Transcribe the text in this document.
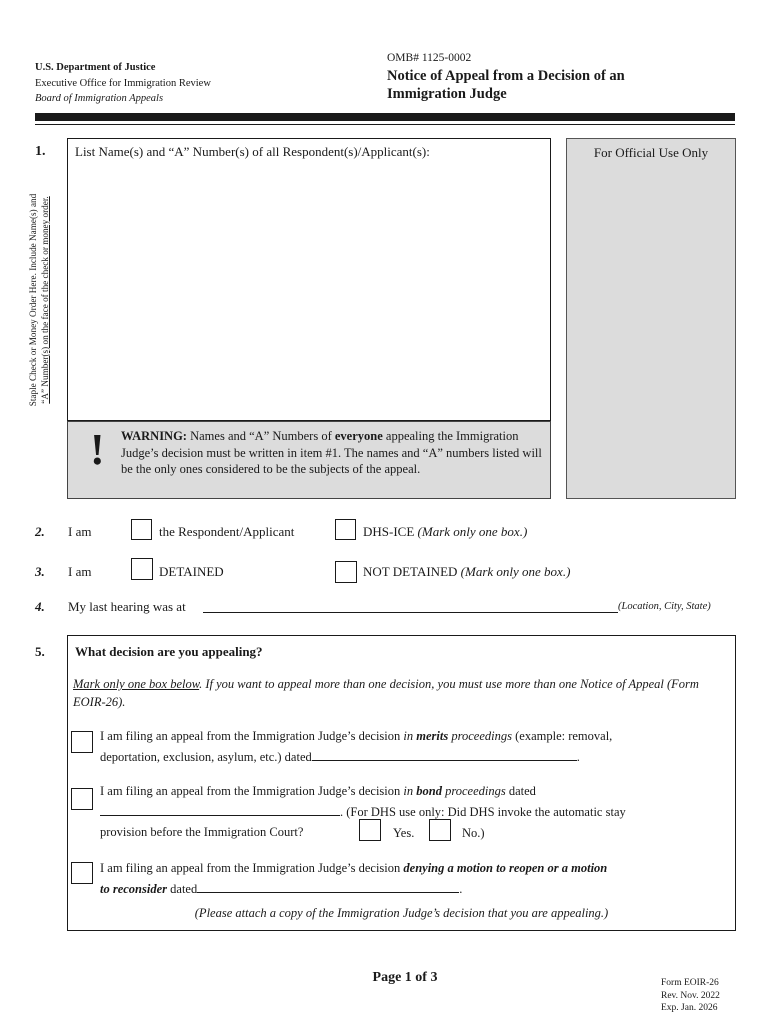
U.S. Department of Justice
Executive Office for Immigration Review
Board of Immigration Appeals
OMB# 1125-0002
Notice of Appeal from a Decision of an Immigration Judge
Staple Check or Money Order Here. Include Name(s) and “A” Number(s) on the face of the check or money order.
1. List Name(s) and “A” Number(s) of all Respondent(s)/Applicant(s):	For Official Use Only
! WARNING: Names and “A” Numbers of everyone appealing the Immigration Judge’s decision must be written in item #1. The names and “A” numbers listed will be the only ones considered to be the subjects of the appeal.
2. I am	the Respondent/Applicant	DHS-ICE (Mark only one box.)
3. I am	DETAINED	NOT DETAINED (Mark only one box.)
4. My last hearing was at	(Location, City, State)
5. What decision are you appealing?
Mark only one box below. If you want to appeal more than one decision, you must use more than one Notice of Appeal (Form EOIR-26).
I am filing an appeal from the Immigration Judge’s decision in merits proceedings (example: removal,
deportation, exclusion, asylum, etc.) dated	.
I am filing an appeal from the Immigration Judge’s decision in bond proceedings dated
. (For DHS use only: Did DHS invoke the automatic stay
provision before the Immigration Court?	Yes.	No.)
I am filing an appeal from the Immigration Judge’s decision denying a motion to reopen or a motion
to reconsider dated	.
(Please attach a copy of the Immigration Judge’s decision that you are appealing.)
Page 1 of 3	Form EOIR-26
Rev. Nov. 2022
Exp. Jan. 2026
